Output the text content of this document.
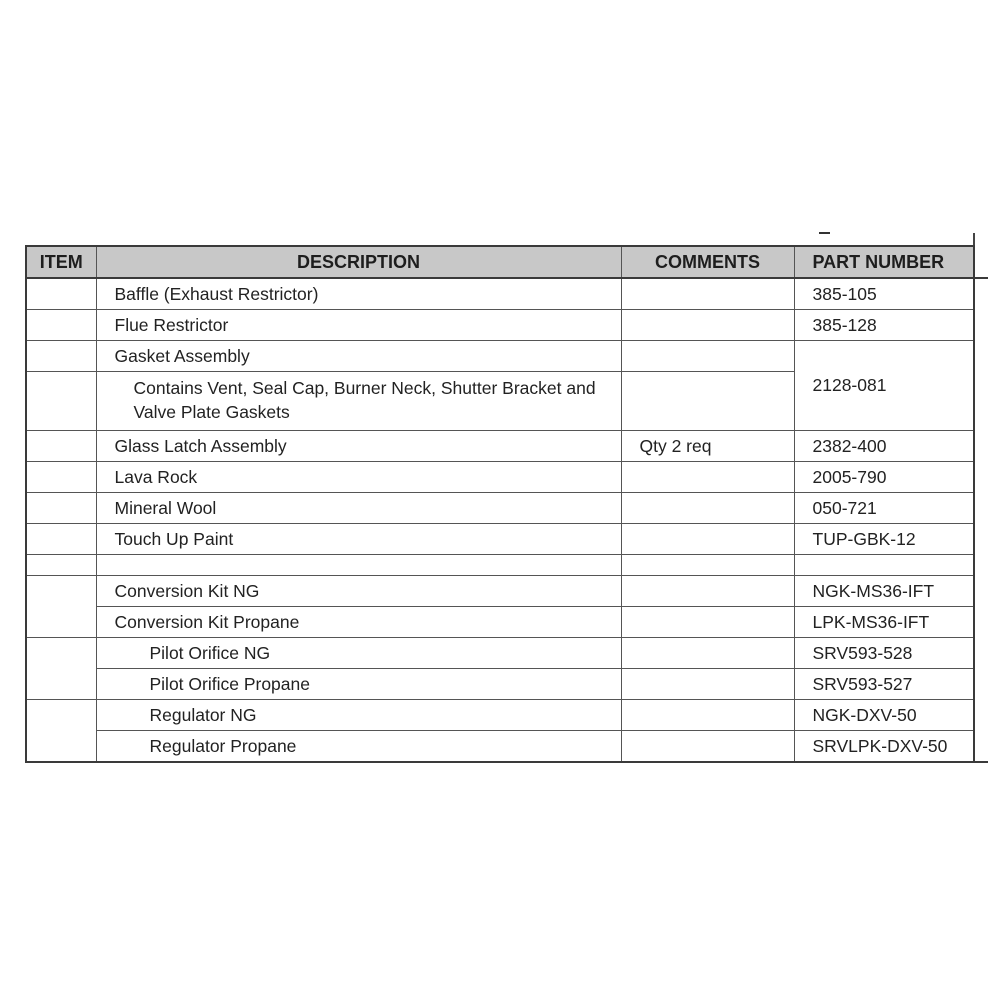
ITEM	DESCRIPTION	COMMENTS	PART NUMBER	
	Baffle (Exhaust Restrictor)		385-105	
	Flue Restrictor		385-128	
	Gasket Assembly		2128-081	
	Contains Vent, Seal Cap, Burner Neck, Shutter Bracket and Valve Plate Gaskets			
	Glass Latch Assembly	Qty 2 req	2382-400	
	Lava Rock		2005-790	
	Mineral Wool		050-721	
	Touch Up Paint		TUP-GBK-12	

	Conversion Kit NG		NGK-MS36-IFT	
	Conversion Kit Propane		LPK-MS36-IFT	
	Pilot Orifice NG		SRV593-528	
	Pilot Orifice Propane		SRV593-527	
	Regulator NG		NGK-DXV-50	
	Regulator Propane		SRVLPK-DXV-50	
